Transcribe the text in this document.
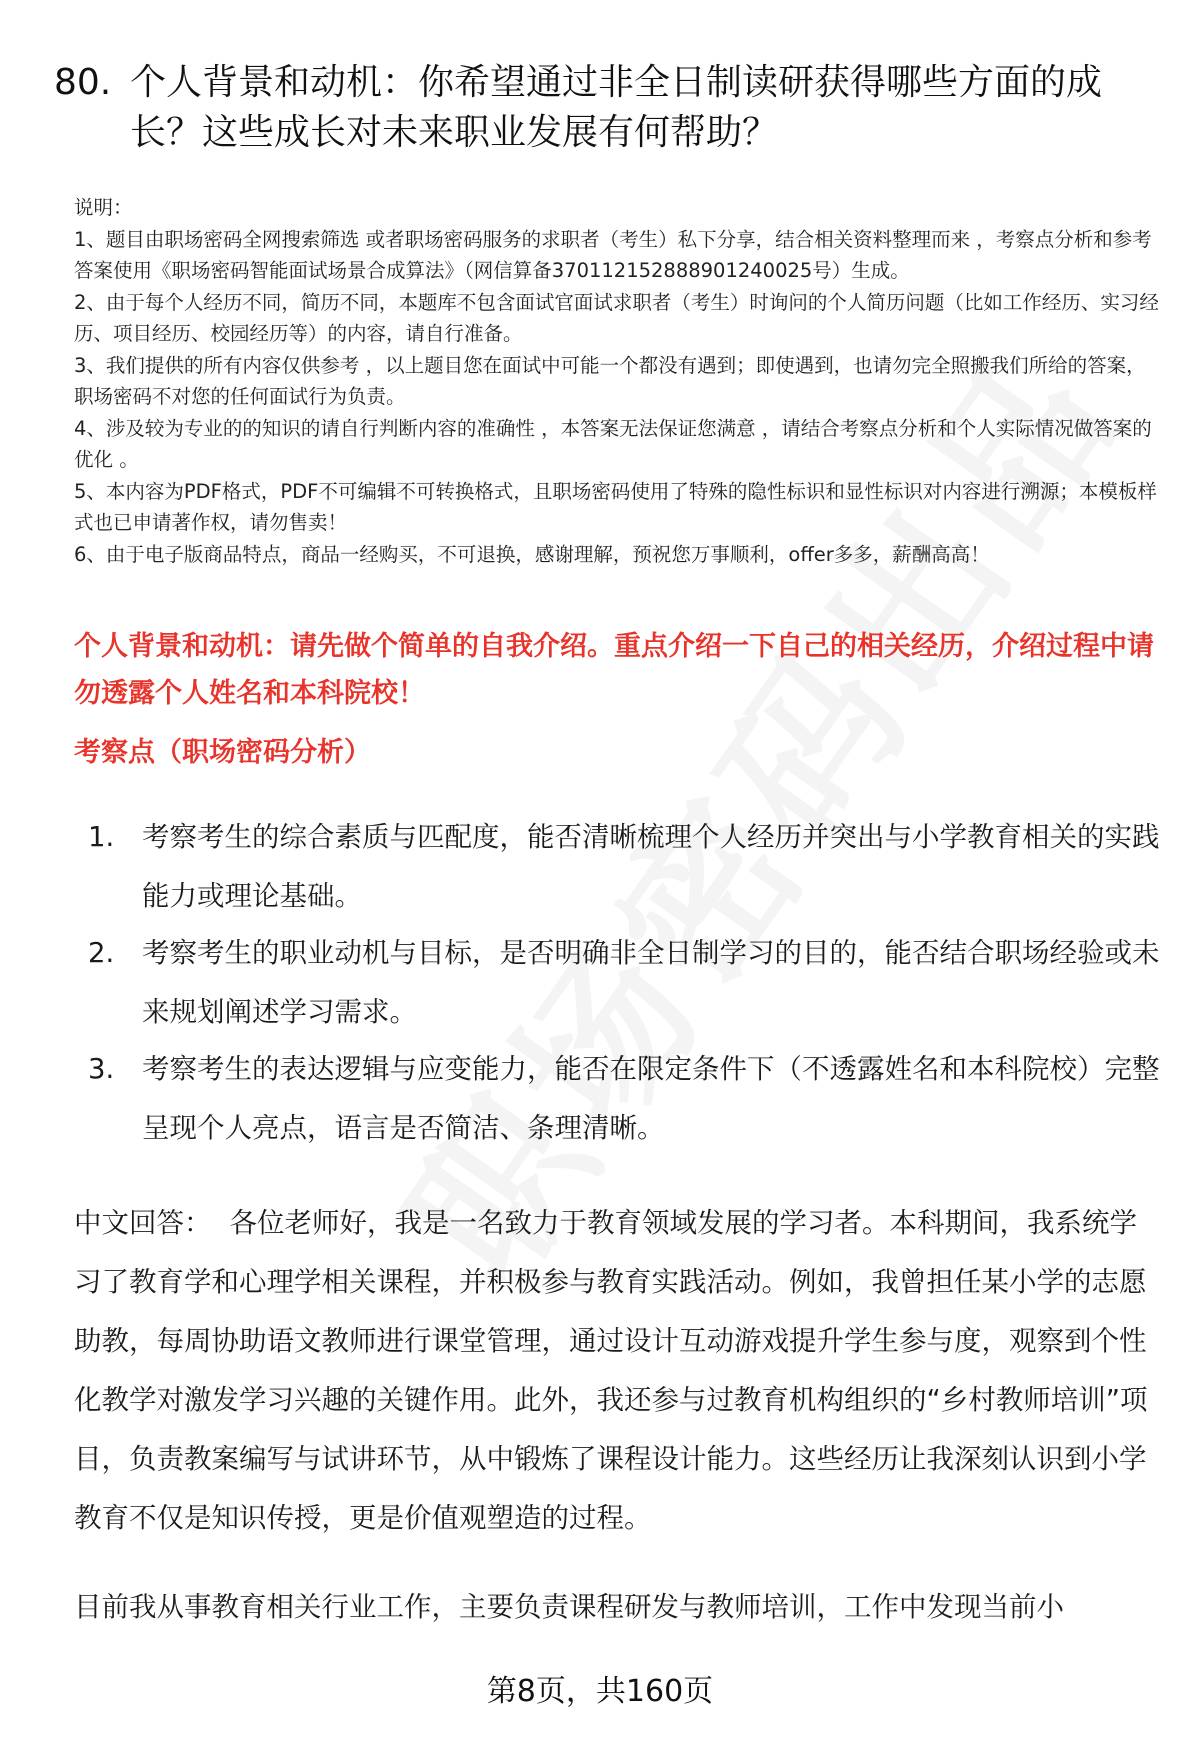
80. 个人背景和动机：你希望通过非全日制读研获得哪些方面的成长？这些成长对未来职业发展有何帮助？

说明：

1、题目由职场密码全网搜索筛选 或者职场密码服务的求职者（考生）私下分享，结合相关资料整理而来 ，考察点分析和参考答案使用《职场密码智能面试场景合成算法》（网信算备370112152888901240025号）生成。

2、由于每个人经历不同，简历不同，本题库不包含面试官面试求职者（考生）时询问的个人简历问题（比如工作经历、实习经历、项目经历、校园经历等）的内容，请自行准备。

3、我们提供的所有内容仅供参考 ，以上题目您在面试中可能一个都没有遇到；即使遇到，也请勿完全照搬我们所给的答案，职场密码不对您的任何面试行为负责。

4、涉及较为专业的的知识的请自行判断内容的准确性 ，本答案无法保证您满意 ，请结合考察点分析和个人实际情况做答案的优化 。

5、本内容为PDF格式，PDF不可编辑不可转换格式，且职场密码使用了特殊的隐性标识和显性标识对内容进行溯源；本模板样式也已申请著作权，请勿售卖！

6、由于电子版商品特点，商品一经购买，不可退换，感谢理解，预祝您万事顺利，offer多多，薪酬高高！

个人背景和动机：请先做个简单的自我介绍。重点介绍一下自己的相关经历，介绍过程中请勿透露个人姓名和本科院校！
考察点（职场密码分析）
1.	考察考生的综合素质与匹配度，能否清晰梳理个人经历并突出与小学教育相关的实践能力或理论基础。
2.	考察考生的职业动机与目标，是否明确非全日制学习的目的，能否结合职场经验或未来规划阐述学习需求。
3.	考察考生的表达逻辑与应变能力，能否在限定条件下（不透露姓名和本科院校）完整呈现个人亮点，语言是否简洁、条理清晰。

中文回答： 各位老师好，我是一名致力于教育领域发展的学习者。本科期间，我系统学习了教育学和心理学相关课程，并积极参与教育实践活动。例如，我曾担任某小学的志愿助教，每周协助语文教师进行课堂管理，通过设计互动游戏提升学生参与度，观察到个性化教学对激发学习兴趣的关键作用。此外，我还参与过教育机构组织的“乡村教师培训”项目，负责教案编写与试讲环节，从中锻炼了课程设计能力。这些经历让我深刻认识到小学教育不仅是知识传授，更是价值观塑造的过程。

目前我从事教育相关行业工作，主要负责课程研发与教师培训，工作中发现当前小

第8页，共160页
